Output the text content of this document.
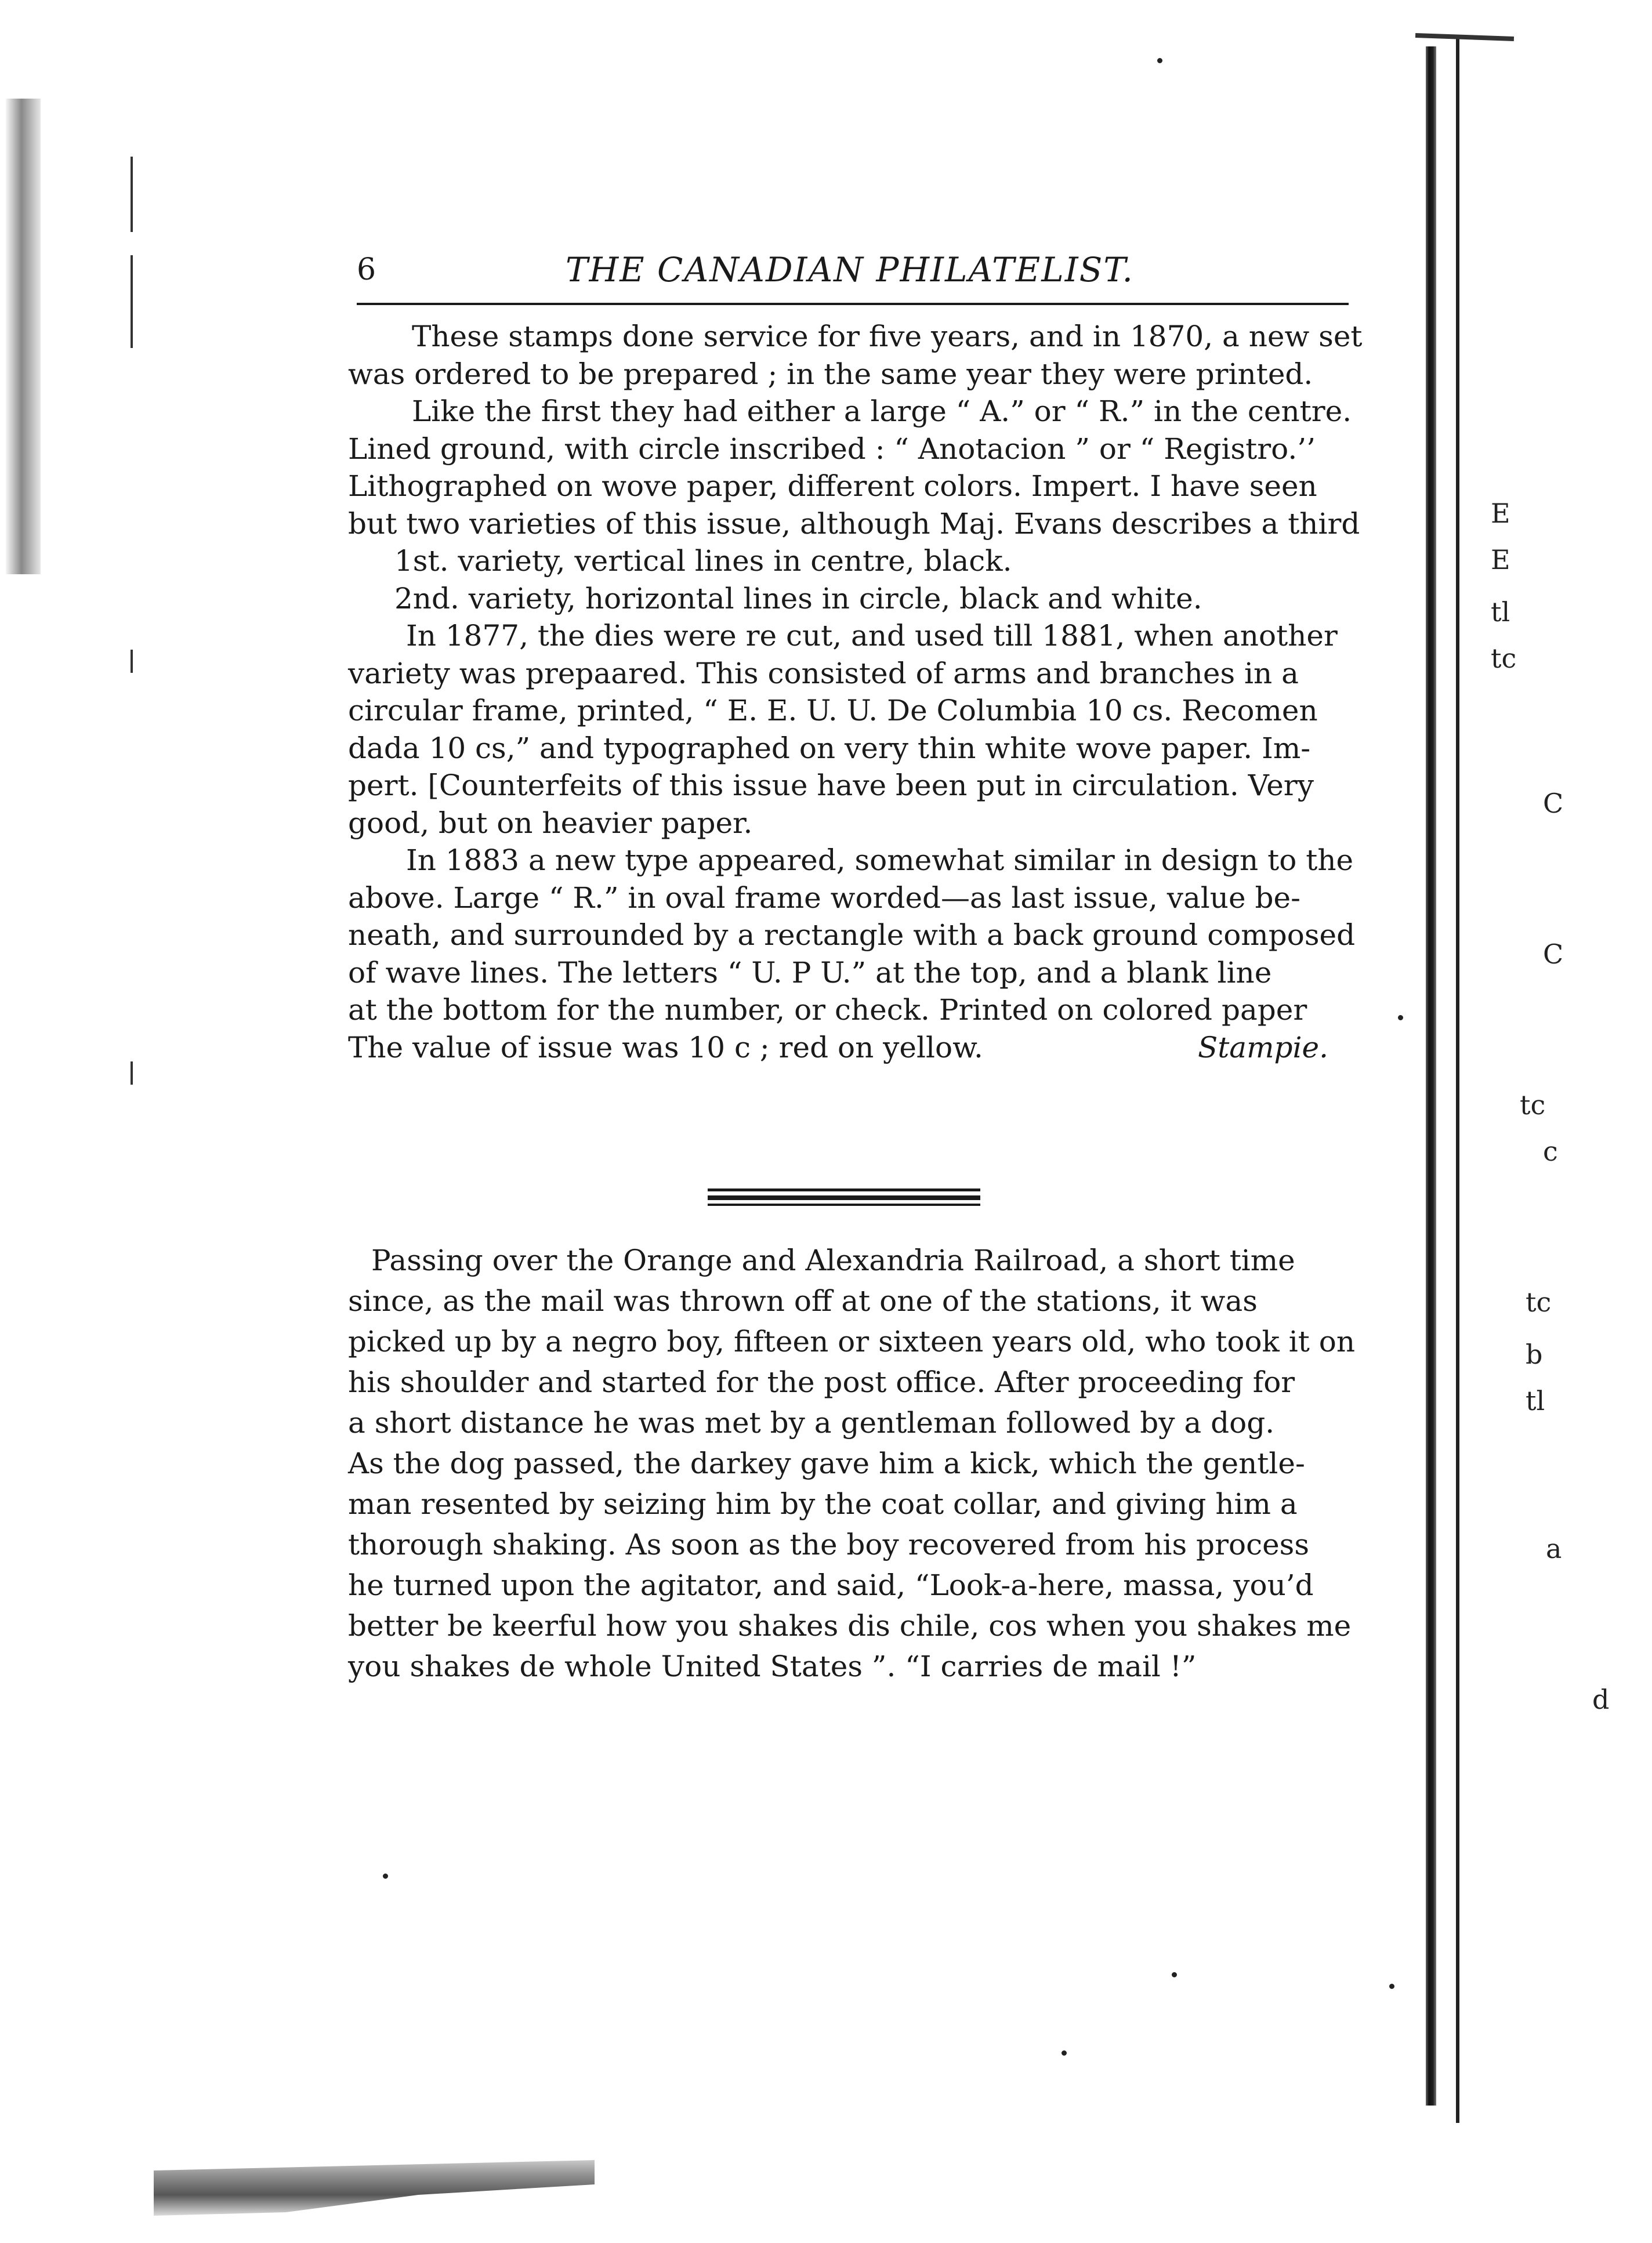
6	THE CANADIAN PHILATELIST.
These stamps done service for five years, and in 1870, a new set
was ordered to be prepared ; in the same year they were printed.
Like the first they had either a large “ A.” or “ R.” in the centre.
Lined ground, with circle inscribed : “ Anotacion ” or “ Registro.’’
Lithographed on wove paper, different colors. Impert. I have seen
but two varieties of this issue, although Maj. Evans describes a third
1st. variety, vertical lines in centre, black.
2nd. variety, horizontal lines in circle, black and white.
In 1877, the dies were re cut, and used till 1881, when another
variety was prepaared. This consisted of arms and branches in a
circular frame, printed, “ E. E. U. U. De Columbia 10 cs. Recomen
dada 10 cs,” and typographed on very thin white wove paper. Im-
pert. [Counterfeits of this issue have been put in circulation. Very
good, but on heavier paper.
In 1883 a new type appeared, somewhat similar in design to the
above. Large “ R.” in oval frame worded—as last issue, value be-
neath, and surrounded by a rectangle with a back ground composed
of wave lines. The letters “ U. P U.” at the top, and a blank line
at the bottom for the number, or check. Printed on colored paper
The value of issue was 10 c ; red on yellow.	Stampie.
Passing over the Orange and Alexandria Railroad, a short time
since, as the mail was thrown off at one of the stations, it was
picked up by a negro boy, fifteen or sixteen years old, who took it on
his shoulder and started for the post office. After proceeding for
a short distance he was met by a gentleman followed by a dog.
As the dog passed, the darkey gave him a kick, which the gentle-
man resented by seizing him by the coat collar, and giving him a
thorough shaking. As soon as the boy recovered from his process
he turned upon the agitator, and said, “Look-a-here, massa, you’d
better be keerful how you shakes dis chile, cos when you shakes me
you shakes de whole United States ”. “I carries de mail !”
E
E
tl
tc
C
C
tc
c
tc
b
tl
a
d
